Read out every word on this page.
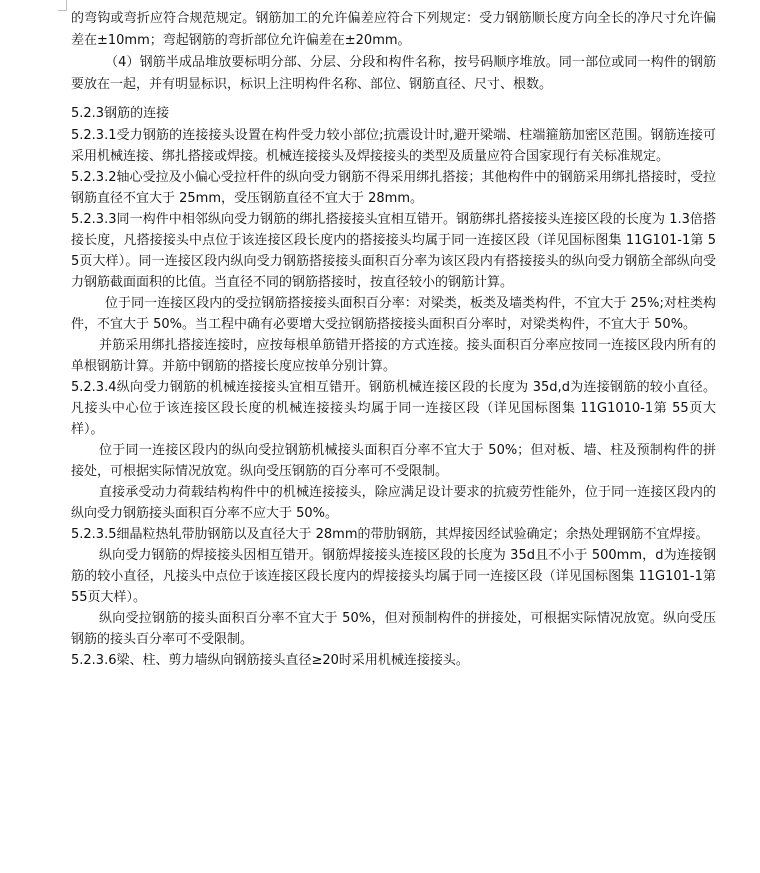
的弯钩或弯折应符合规范规定。钢筋加工的允许偏差应符合下列规定：受力钢筋顺长度方向全长的净尺寸允许偏差在±10mm；弯起钢筋的弯折部位允许偏差在±20mm。

（4）钢筋半成品堆放要标明分部、分层、分段和构件名称，按号码顺序堆放。同一部位或同一构件的钢筋要放在一起，并有明显标识，标识上注明构件名称、部位、钢筋直径、尺寸、根数。

5.2.3钢筋的连接

5.2.3.1受力钢筋的连接接头设置在构件受力较小部位;抗震设计时,避开梁端、柱端箍筋加密区范围。钢筋连接可采用机械连接、绑扎搭接或焊接。机械连接接头及焊接接头的类型及质量应符合国家现行有关标准规定。

5.2.3.2轴心受拉及小偏心受拉杆件的纵向受力钢筋不得采用绑扎搭接；其他构件中的钢筋采用绑扎搭接时，受拉钢筋直径不宜大于 25mm，受压钢筋直径不宜大于 28mm。

5.2.3.3同一构件中相邻纵向受力钢筋的绑扎搭接接头宜相互错开。钢筋绑扎搭接接头连接区段的长度为 1.3倍搭接长度，凡搭接接头中点位于该连接区段长度内的搭接接头均属于同一连接区段（详见国标图集 11G101-1第 55页大样）。同一连接区段内纵向受力钢筋搭接接头面积百分率为该区段内有搭接接头的纵向受力钢筋全部纵向受力钢筋截面面积的比值。当直径不同的钢筋搭接时，按直径较小的钢筋计算。

位于同一连接区段内的受拉钢筋搭接接头面积百分率：对梁类，板类及墙类构件，不宜大于 25%;对柱类构件，不宜大于 50%。当工程中确有必要增大受拉钢筋搭接接头面积百分率时，对梁类构件，不宜大于 50%。

并筋采用绑扎搭接连接时，应按每根单筋错开搭接的方式连接。接头面积百分率应按同一连接区段内所有的单根钢筋计算。并筋中钢筋的搭接长度应按单分别计算。

5.2.3.4纵向受力钢筋的机械连接接头宜相互错开。钢筋机械连接区段的长度为 35d,d为连接钢筋的较小直径。凡接头中心位于该连接区段长度的机械连接接头均属于同一连接区段（详见国标图集 11G1010-1第 55页大样）。

位于同一连接区段内的纵向受拉钢筋机械接头面积百分率不宜大于 50%；但对板、墙、柱及预制构件的拼接处，可根据实际情况放宽。纵向受压钢筋的百分率可不受限制。

直接承受动力荷载结构构件中的机械连接接头，除应满足设计要求的抗疲劳性能外，位于同一连接区段内的纵向受力钢筋接头面积百分率不应大于 50%。

5.2.3.5细晶粒热轧带肋钢筋以及直径大于 28mm的带肋钢筋，其焊接因经试验确定；余热处理钢筋不宜焊接。

纵向受力钢筋的焊接接头因相互错开。钢筋焊接接头连接区段的长度为 35d且不小于 500mm，d为连接钢筋的较小直径，凡接头中点位于该连接区段长度内的焊接接头均属于同一连接区段（详见国标图集 11G101-1第 55页大样）。

纵向受拉钢筋的接头面积百分率不宜大于 50%，但对预制构件的拼接处，可根据实际情况放宽。纵向受压钢筋的接头百分率可不受限制。

5.2.3.6梁、柱、剪力墙纵向钢筋接头直径≥20时采用机械连接接头。
